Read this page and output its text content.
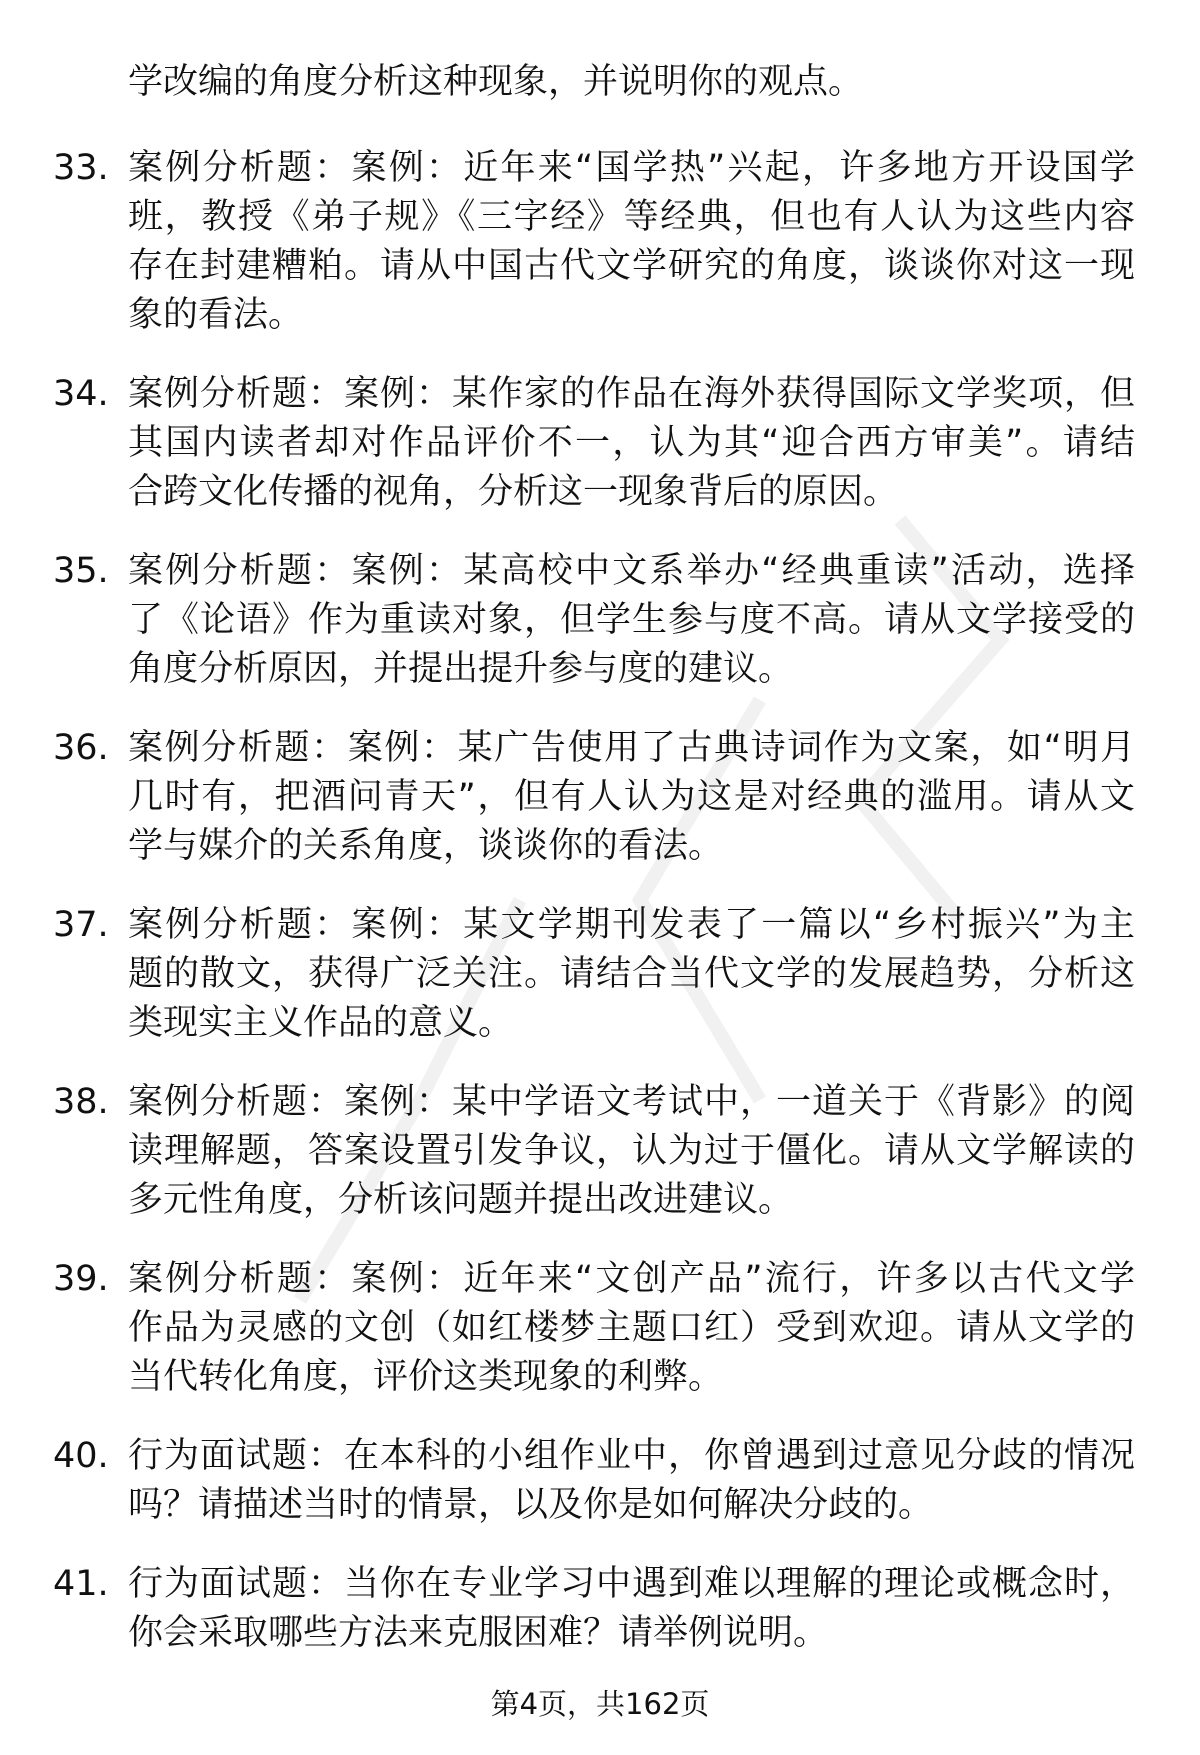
学改编的角度分析这种现象，并说明你的观点。
33. 案例分析题：案例：近年来“国学热”兴起，许多地方开设国学
班，教授《弟子规》《三字经》等经典，但也有人认为这些内容
存在封建糟粕。请从中国古代文学研究的角度，谈谈你对这一现
象的看法。
34. 案例分析题：案例：某作家的作品在海外获得国际文学奖项，但
其国内读者却对作品评价不一，认为其“迎合西方审美”。请结
合跨文化传播的视角，分析这一现象背后的原因。
35. 案例分析题：案例：某高校中文系举办“经典重读”活动，选择
了《论语》作为重读对象，但学生参与度不高。请从文学接受的
角度分析原因，并提出提升参与度的建议。
36. 案例分析题：案例：某广告使用了古典诗词作为文案，如“明月
几时有，把酒问青天”，但有人认为这是对经典的滥用。请从文
学与媒介的关系角度，谈谈你的看法。
37. 案例分析题：案例：某文学期刊发表了一篇以“乡村振兴”为主
题的散文，获得广泛关注。请结合当代文学的发展趋势，分析这
类现实主义作品的意义。
38. 案例分析题：案例：某中学语文考试中，一道关于《背影》的阅
读理解题，答案设置引发争议，认为过于僵化。请从文学解读的
多元性角度，分析该问题并提出改进建议。
39. 案例分析题：案例：近年来“文创产品”流行，许多以古代文学
作品为灵感的文创（如红楼梦主题口红）受到欢迎。请从文学的
当代转化角度，评价这类现象的利弊。
40. 行为面试题：在本科的小组作业中，你曾遇到过意见分歧的情况
吗？请描述当时的情景，以及你是如何解决分歧的。
41. 行为面试题：当你在专业学习中遇到难以理解的理论或概念时，
你会采取哪些方法来克服困难？请举例说明。
第4页，共162页
